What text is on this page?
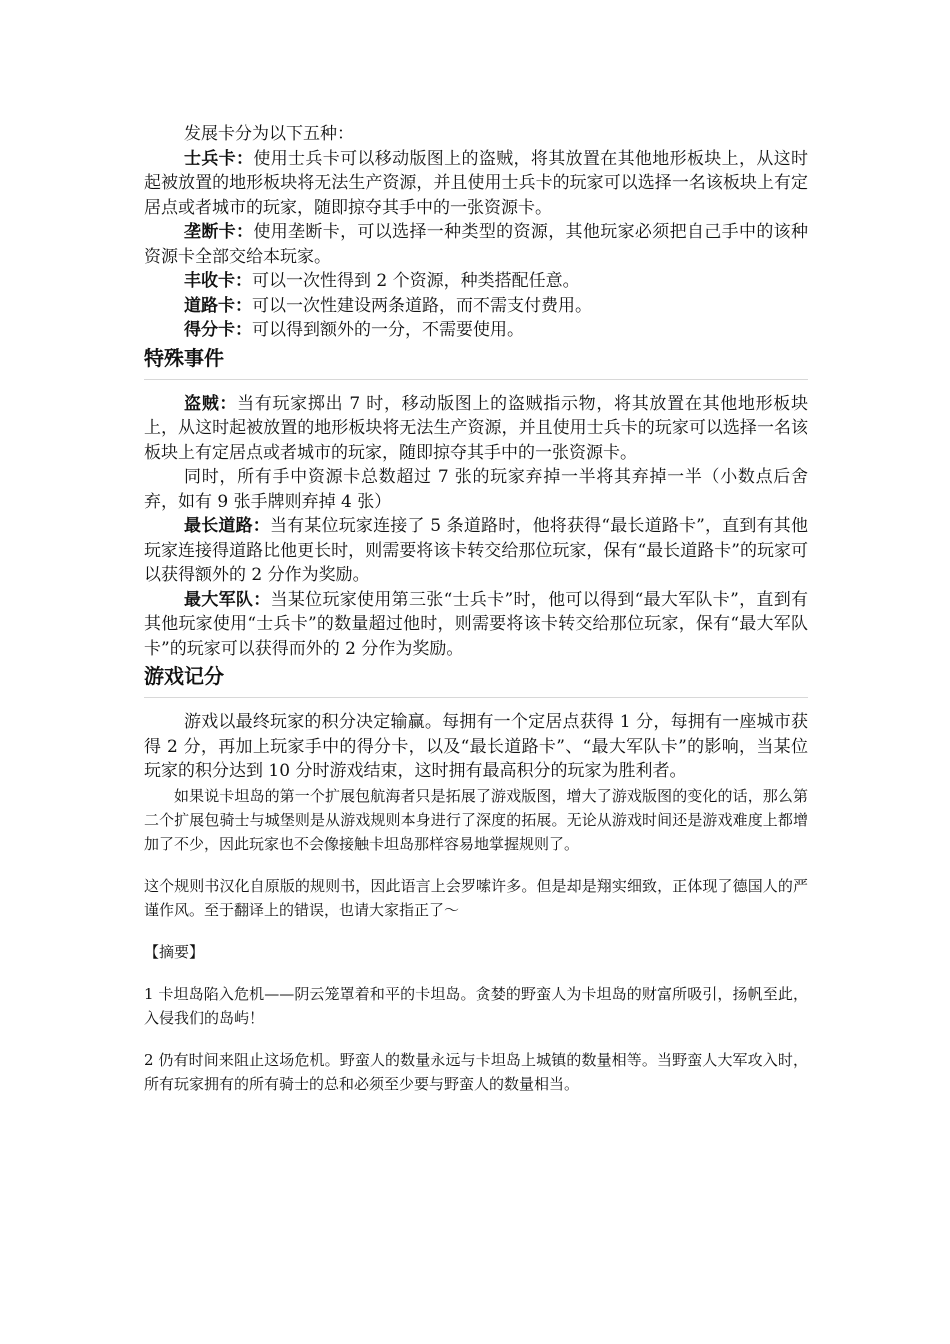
发展卡分为以下五种：

士兵卡：使用士兵卡可以移动版图上的盗贼，将其放置在其他地形板块上，从这时起被放置的地形板块将无法生产资源，并且使用士兵卡的玩家可以选择一名该板块上有定居点或者城市的玩家，随即掠夺其手中的一张资源卡。

垄断卡：使用垄断卡，可以选择一种类型的资源，其他玩家必须把自己手中的该种资源卡全部交给本玩家。

丰收卡：可以一次性得到 2 个资源，种类搭配任意。

道路卡：可以一次性建设两条道路，而不需支付费用。

得分卡：可以得到额外的一分，不需要使用。

特殊事件

盗贼：当有玩家掷出 7 时，移动版图上的盗贼指示物，将其放置在其他地形板块上，从这时起被放置的地形板块将无法生产资源，并且使用士兵卡的玩家可以选择一名该板块上有定居点或者城市的玩家，随即掠夺其手中的一张资源卡。

同时，所有手中资源卡总数超过 7 张的玩家弃掉一半将其弃掉一半（小数点后舍弃，如有 9 张手牌则弃掉 4 张）

最长道路：当有某位玩家连接了 5 条道路时，他将获得“最长道路卡”，直到有其他玩家连接得道路比他更长时，则需要将该卡转交给那位玩家，保有“最长道路卡”的玩家可以获得额外的 2 分作为奖励。

最大军队：当某位玩家使用第三张“士兵卡”时，他可以得到“最大军队卡”，直到有其他玩家使用“士兵卡”的数量超过他时，则需要将该卡转交给那位玩家，保有“最大军队卡”的玩家可以获得而外的 2 分作为奖励。

游戏记分

游戏以最终玩家的积分决定输赢。每拥有一个定居点获得 1 分，每拥有一座城市获得 2 分，再加上玩家手中的得分卡，以及“最长道路卡”、“最大军队卡”的影响，当某位玩家的积分达到 10 分时游戏结束，这时拥有最高积分的玩家为胜利者。

如果说卡坦岛的第一个扩展包航海者只是拓展了游戏版图，增大了游戏版图的变化的话，那么第二个扩展包骑士与城堡则是从游戏规则本身进行了深度的拓展。无论从游戏时间还是游戏难度上都增加了不少，因此玩家也不会像接触卡坦岛那样容易地掌握规则了。

这个规则书汉化自原版的规则书，因此语言上会罗嗦许多。但是却是翔实细致，正体现了德国人的严谨作风。至于翻译上的错误，也请大家指正了～

【摘要】

1 卡坦岛陷入危机——阴云笼罩着和平的卡坦岛。贪婪的野蛮人为卡坦岛的财富所吸引，扬帆至此，入侵我们的岛屿！

2 仍有时间来阻止这场危机。野蛮人的数量永远与卡坦岛上城镇的数量相等。当野蛮人大军攻入时，所有玩家拥有的所有骑士的总和必须至少要与野蛮人的数量相当。
